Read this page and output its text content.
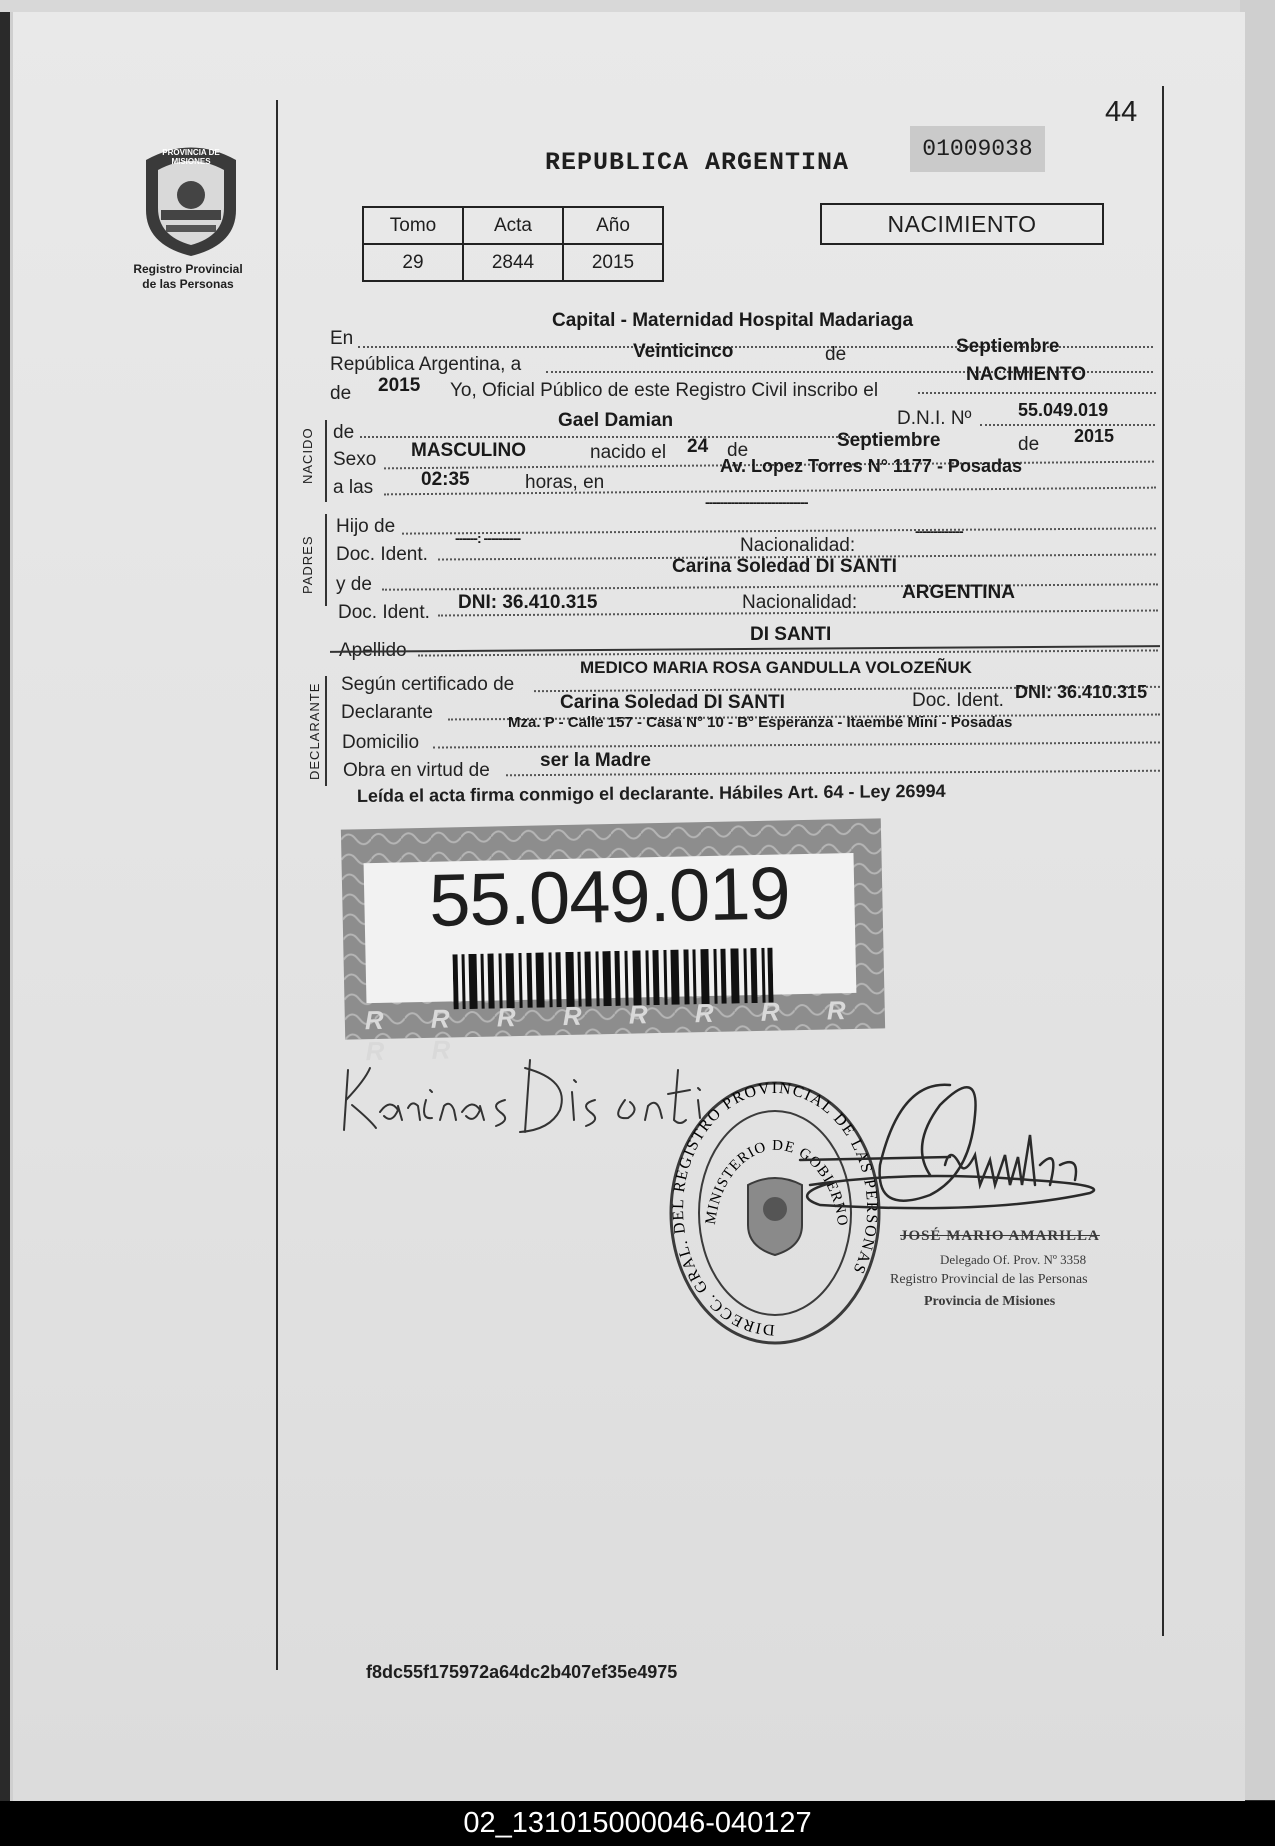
PROVINCIA DE MISIONES
Registro Provincial
de las Personas
44
REPUBLICA ARGENTINA	01009038
NACIMIENTO
Tomo	Acta	Año
29	2844	2015
En
Capital - Maternidad Hospital Madariaga
República Argentina, a
Veinticinco	de	Septiembre
de 2015 Yo, Oficial Público de este Registro Civil inscribo el
NACIMIENTO
NACIDO de
Gael Damian	D.N.I. Nº	55.049.019
Sexo MASCULINO	nacido el 24 de	Septiembre	de 2015
a las	02:35	horas, en
Av. Lopez Torres N° 1177 - Posadas
PADRES
Hijo de
----------------------------
Doc. Ident.
------: ----------	Nacionalidad:
-------------
y de
Carina Soledad DI SANTI
Doc. Ident. DNI: 36.410.315	Nacionalidad: ARGENTINA
Apellido
DI SANTI
DECLARANTE Según certificado de
MEDICO MARIA ROSA GANDULLA VOLOZEÑUK
Declarante	Carina Soledad DI SANTI	Doc. Ident. DNI: 36.410.315
Domicilio
Mza. P - Calle 157 - Casa N° 10 - B° Esperanza - Itaembé Miní - Posadas
Obra en virtud de	ser la Madre
Leída el acta firma conmigo el declarante. Hábiles Art. 64 - Ley 26994
55.049.019
R R R R R R R R R R
DIRECC. GRAL. DEL REGISTRO PROVINCIAL DE LAS PERSONAS
MINISTERIO DE GOBIERNO
JOSÉ MARIO AMARILLA
Delegado Of. Prov. Nº 3358
Registro Provincial de las Personas
Provincia de Misiones
f8dc55f175972a64dc2b407ef35e4975
02_131015000046-040127
